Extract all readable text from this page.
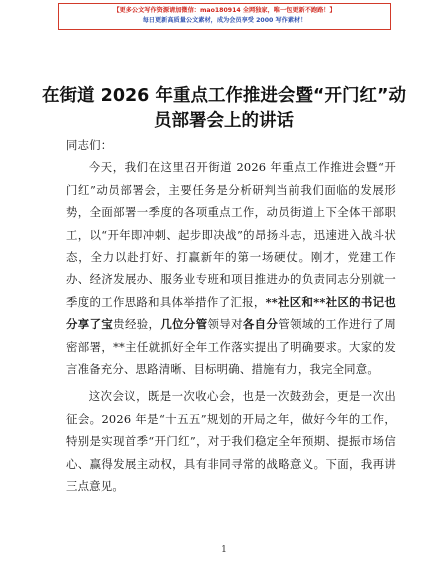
【更多公文写作资源请加微信：mao180914 全网独家，唯一包更新不跑路！】
每日更新高质量公文素材，成为会员享受 2000 写作素材！
在街道 2026 年重点工作推进会暨“开门红”动员部署会上的讲话

同志们：

今天，我们在这里召开街道 2026 年重点工作推进会暨“开门红”动员部署会，主要任务是分析研判当前我们面临的发展形势，全面部署一季度的各项重点工作，动员街道上下全体干部职工，以“开年即冲刺、起步即决战”的昂扬斗志，迅速进入战斗状态，全力以赴打好、打赢新年的第一场硬仗。刚才，党建工作办、经济发展办、服务业专班和项目推进办的负责同志分别就一季度的工作思路和具体举措作了汇报，**社区和**社区的书记也分享了宝贵经验，几位分管领导对各自分管领域的工作进行了周密部署，**主任就抓好全年工作落实提出了明确要求。大家的发言准备充分、思路清晰、目标明确、措施有力，我完全同意。

这次会议，既是一次收心会，也是一次鼓劲会，更是一次出征会。2026 年是“十五五”规划的开局之年，做好今年的工作，特别是实现首季“开门红”，对于我们稳定全年预期、提振市场信心、赢得发展主动权，具有非同寻常的战略意义。下面，我再讲三点意见。

1
